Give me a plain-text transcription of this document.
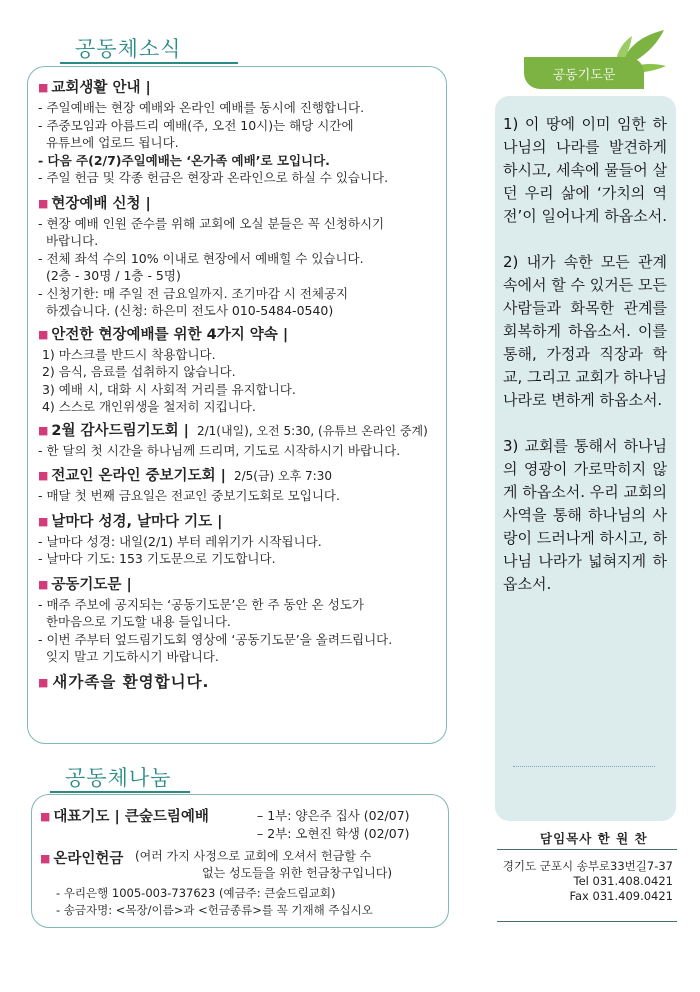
공동체소식
■ 교회생활 안내 |
- 주일예배는 현장 예배와 온라인 예배를 동시에 진행합니다.
- 주중모임과 아름드리 예배(주, 오전 10시)는 해당 시간에
유튜브에 업로드 됩니다.
- 다음 주(2/7)주일예배는 ‘온가족 예배’로 모입니다.
- 주일 헌금 및 각종 헌금은 현장과 온라인으로 하실 수 있습니다.
■ 현장예배 신청 |
- 현장 예배 인원 준수를 위해 교회에 오실 분들은 꼭 신청하시기
바랍니다.
- 전체 좌석 수의 10% 이내로 현장에서 예배힐 수 있습니다.
(2층 - 30명 / 1층 - 5명)
- 신청기한: 매 주일 전 금요일까지. 조기마감 시 전체공지
하겠습니다. (신청: 하은미 전도사 010-5484-0540)
■ 안전한 현장예배를 위한 4가지 약속 |
1) 마스크를 반드시 착용합니다.
2) 음식, 음료를 섭취하지 않습니다.
3) 예배 시, 대화 시 사회적 거리를 유지합니다.
4) 스스로 개인위생을 철저히 지킵니다.
■ 2월 감사드림기도회 | 2/1(내일), 오전 5:30, (유튜브 온라인 중계)
- 한 달의 첫 시간을 하나님께 드리며, 기도로 시작하시기 바랍니다.
■ 전교인 온라인 중보기도회 | 2/5(금) 오후 7:30
- 매달 첫 번째 금요일은 전교인 중보기도회로 모입니다.
■ 날마다 성경, 날마다 기도 |
- 날마다 성경: 내일(2/1) 부터 레위기가 시작됩니다.
- 날마다 기도: 153 기도문으로 기도합니다.
■ 공동기도문 |
- 매주 주보에 공지되는 ‘공동기도문’은 한 주 동안 온 성도가
한마음으로 기도할 내용 들입니다.
- 이번 주부터 엎드림기도회 영상에 ‘공동기도문’을 올려드립니다.
잊지 말고 기도하시기 바랍니다.
■ 새가족을 환영합니다.
공동체나눔
■ 대표기도 | 큰숲드림예배	– 1부: 양은주 집사 (02/07)
– 2부: 오현진 학생 (02/07)
■ 온라인헌금 (여러 가지 사정으로 교회에 오셔서 헌금할 수
없는 성도들을 위한 헌금창구입니다)
- 우리은행 1005-003-737623 (예금주: 큰숲드림교회)
- 송금자명: <목장/이름>과 <헌금종류>를 꼭 기재해 주십시오
공동기도문
1) 이 땅에 이미 임한 하나님의 나라를 발견하게 하시고, 세속에 물들어 살던 우리 삶에 ‘가치의 역전’이 일어나게 하옵소서.
2) 내가 속한 모든 관계 속에서 할 수 있거든 모든 사람들과 화목한 관계를 회복하게 하옵소서. 이를 통해, 가정과 직장과 학교, 그리고 교회가 하나님 나라로 변하게 하옵소서.
3) 교회를 통해서 하나님의 영광이 가로막히지 않게 하옵소서. 우리 교회의 사역을 통해 하나님의 사랑이 드러나게 하시고, 하나님 나라가 넓혀지게 하옵소서.
담임목사 한 원 찬
경기도 군포시 송부로33번길7-37
Tel 031.408.0421
Fax 031.409.0421
